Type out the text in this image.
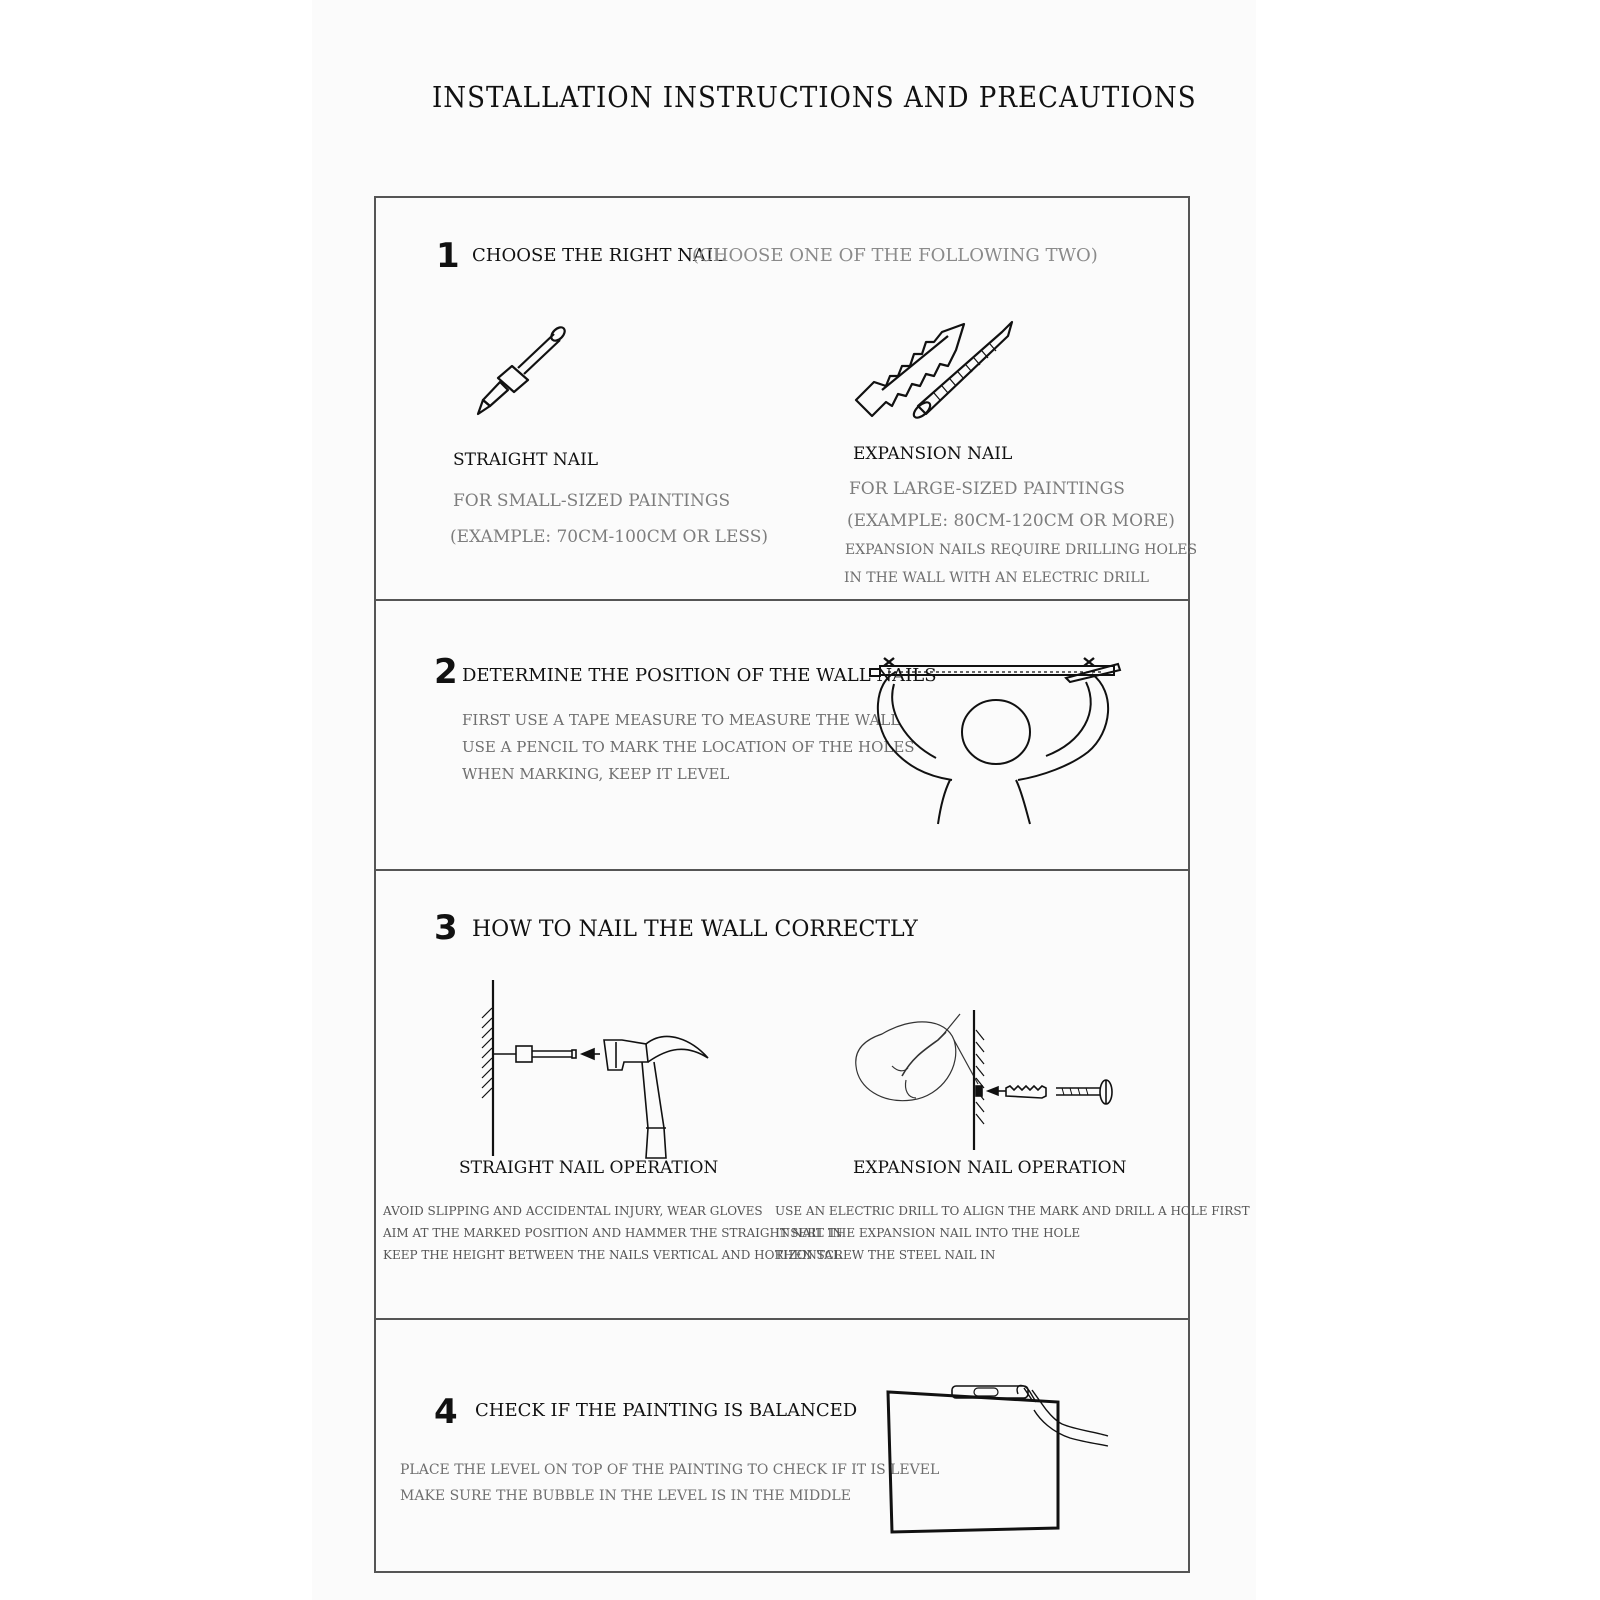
INSTALLATION INSTRUCTIONS AND PRECAUTIONS
1 CHOOSE THE RIGHT NAIL
(CHOOSE ONE OF THE FOLLOWING TWO)
STRAIGHT NAIL
FOR SMALL-SIZED PAINTINGS
(EXAMPLE: 70CM-100CM OR LESS)
EXPANSION NAIL
FOR LARGE-SIZED PAINTINGS
(EXAMPLE: 80CM-120CM OR MORE)
EXPANSION NAILS REQUIRE DRILLING HOLES
IN THE WALL WITH AN ELECTRIC DRILL
2 DETERMINE THE POSITION OF THE WALL NAILS
FIRST USE A TAPE MEASURE TO MEASURE THE WALL
USE A PENCIL TO MARK THE LOCATION OF THE HOLES
WHEN MARKING, KEEP IT LEVEL
3 HOW TO NAIL THE WALL CORRECTLY
STRAIGHT NAIL OPERATION	EXPANSION NAIL OPERATION
AVOID SLIPPING AND ACCIDENTAL INJURY, WEAR GLOVES
AIM AT THE MARKED POSITION AND HAMMER THE STRAIGHT NAIL IN
KEEP THE HEIGHT BETWEEN THE NAILS VERTICAL AND HORIZONTAL
USE AN ELECTRIC DRILL TO ALIGN THE MARK AND DRILL A HOLE FIRST
INSERT THE EXPANSION NAIL INTO THE HOLE
THEN SCREW THE STEEL NAIL IN
4 CHECK IF THE PAINTING IS BALANCED
PLACE THE LEVEL ON TOP OF THE PAINTING TO CHECK IF IT IS LEVEL
MAKE SURE THE BUBBLE IN THE LEVEL IS IN THE MIDDLE
